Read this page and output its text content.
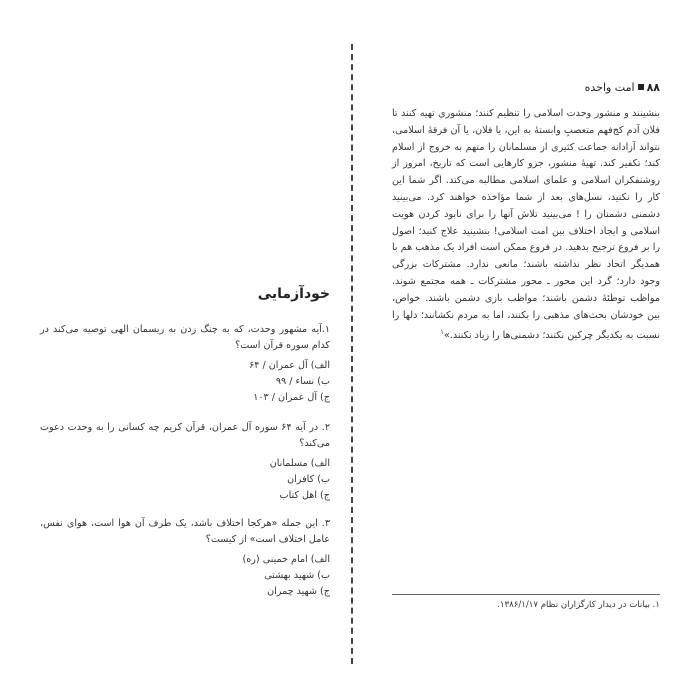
۸۸
امت واحده
بنشینند و منشور وحدت اسلامی را تنظیم کنند؛ منشوری تهیه کنند تا فلان آدم کج‌فهم متعصبِ وابستهٔ به این، یا فلان، یا آن فرقهٔ اسلامی، نتواند آزادانه جماعت کثیری از مسلمانان را متهم به خروج از اسلام کند؛ تکفیر کند. تهیهٔ منشور، جزو کارهایی است که تاریخ، امروز از روشنفکران اسلامی و علمای اسلامی مطالبه می‌کند. اگر شما این کار را نکنید، نسل‌های بعد از شما مؤاخذه خواهند کرد. می‌بینید دشمنی دشمنان را ! می‌بینید تلاش آنها را برای نابود کردن هویت اسلامی و ایجاد اختلاف بین امت اسلامی! بنشینید علاج کنید؛ اصول را بر فروع ترجیح بدهید. در فروع ممکن است افراد یک مذهب هم با همدیگر اتحاد نظر نداشته باشند؛ مانعی ندارد. مشترکات بزرگی وجود دارد؛ گرد این محور ـ محور مشترکات ـ همه مجتمع شوند. مواظب توطئهٔ دشمن باشند؛ مواظب بازی دشمن باشند. خواص، بین خودشان بحث‌های مذهبی را بکنند، اما به مردم نکشانند؛ دلها را نسبت به یکدیگر چرکین نکنند؛ دشمنی‌ها را زیاد نکنند.»$^۱$
۱. بیانات در دیدار کارگزاران نظام ۱۳۸۶/۱/۱۷.
خودآزمایی
۱.آیه مشهور وحدت، که به چنگ زدن به ریسمان الهی توصیه می‌کند در کدام سوره قرآن است؟
الف) آل عمران / ۶۴
ب) نساء / ۹۹
ج) آل عمران / ۱۰۳
۲. در آیه ۶۴ سوره آل عمران، قرآن کریم چه کسانی را به وحدت دعوت می‌کند؟
الف) مسلمانان
ب) کافران
ج) اهل کتاب
۳. این جمله «هرکجا اختلاف باشد، یک طرف آن هوا است، هوای نفس، عامل اختلاف است» از کیست؟
الف) امام خمینی (ره)
ب) شهید بهشتی
ج) شهید چمران
